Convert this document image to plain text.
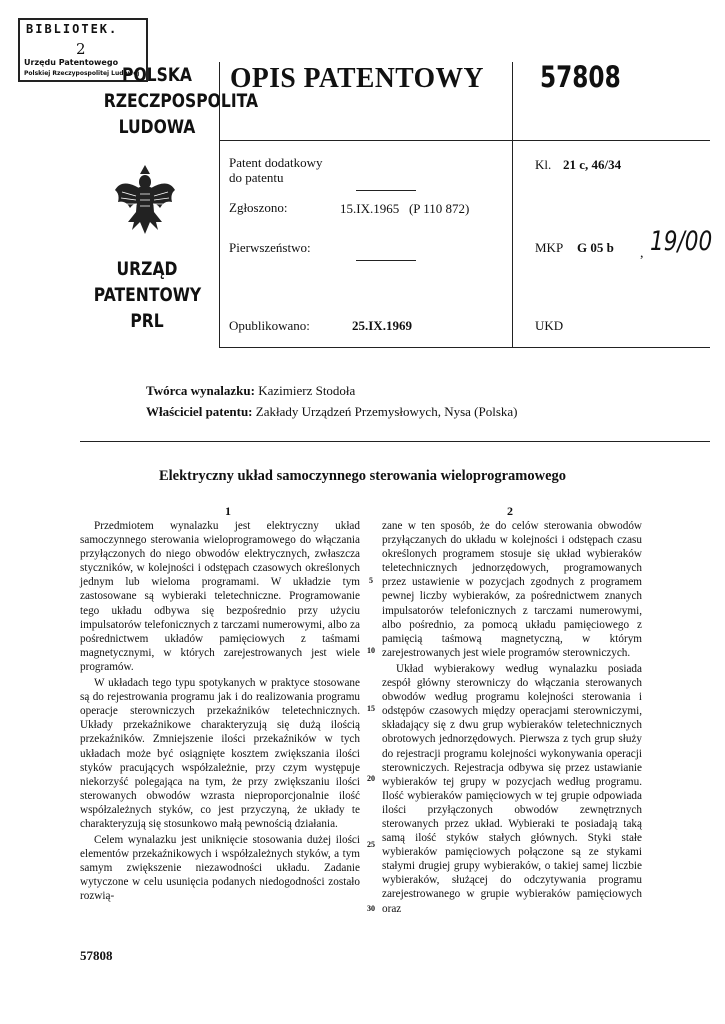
BIBLIOTEK.
2
Urzędu Patentowego
Polskiej Rzeczypospolitej Ludowej
POLSKA
RZECZPOSPOLITA
LUDOWA
URZĄD
PATENTOWY
PRL
OPIS PATENTOWY 57808
Patent dodatkowy
do patentu
Zgłoszono:	15.IX.1965   (P 110 872)
Pierwszeństwo:
Opublikowano:	25.IX.1969
Kl. 21 c, 46/34
MKP G 05 b , 19/00
UKD
Twórca wynalazku: Kazimierz Stodoła
Właściciel patentu: Zakłady Urządzeń Przemysłowych, Nysa (Polska)
Elektryczny układ samoczynnego sterowania wieloprogramowego
1	2

Przedmiotem wynalazku jest elektryczny układ samoczynnego sterowania wieloprogramowego do włączania przyłączonych do niego obwodów elektrycznych, zwłaszcza styczników, w kolejności i odstępach czasowych określonych jednym lub wieloma programami. W układzie tym zastosowane są wybieraki teletechniczne. Programowanie tego układu odbywa się bezpośrednio przy użyciu impulsatorów telefonicznych z tarczami numerowymi, albo za pośrednictwem układów pamięciowych z taśmami magnetycznymi, w których zarejestrowanych jest wiele programów.

W układach tego typu spotykanych w praktyce stosowane są do rejestrowania programu jak i do realizowania programu operacje sterowniczych przekaźników teletechnicznych. Układy przekaźnikowe charakteryzują się dużą ilością przekaźników. Zmniejszenie ilości przekaźników w tych układach może być osiągnięte kosztem zwiększania ilości styków pracujących współzależnie, przy czym występuje niekorzyść polegająca na tym, że przy zwiększaniu ilości sterowanych obwodów wzrasta nieproporcjonalnie ilość współzależnych styków, co jest przyczyną, że układy te charakteryzują się stosunkowo małą pewnością działania.

Celem wynalazku jest uniknięcie stosowania dużej ilości elementów przekaźnikowych i współzależnych styków, a tym samym zwiększenie niezawodności układu. Zadanie wytyczone w celu usunięcia podanych niedogodności zostało rozwią-

5
10
15
20
25
30

zane w ten sposób, że do celów sterowania obwodów przyłączanych do układu w kolejności i odstępach czasu określonych programem stosuje się układ wybieraków teletechnicznych jednorzędowych, programowanych przez ustawienie w pozycjach zgodnych z programem pewnej liczby wybieraków, za pośrednictwem znanych impulsatorów telefonicznych z tarczami numerowymi, albo pośrednio, za pomocą układu pamięciowego z pamięcią taśmową magnetyczną, w którym zarejestrowanych jest wiele programów sterowniczych.

Układ wybierakowy według wynalazku posiada zespół główny sterowniczy do włączania sterowanych obwodów według programu kolejności sterowania i odstępów czasowych między operacjami sterowniczymi, składający się z dwu grup wybieraków teletechnicznych obrotowych jednorzędowych. Pierwsza z tych grup służy do rejestracji programu kolejności wykonywania operacji sterowniczych. Rejestracja odbywa się przez ustawianie wybieraków tej grupy w pozycjach według programu. Ilość wybieraków pamięciowych w tej grupie odpowiada ilości przyłączonych obwodów zewnętrznych sterowanych przez układ. Wybieraki te posiadają taką samą ilość styków stałych głównych. Styki stałe wybieraków pamięciowych połączone są ze stykami stałymi drugiej grupy wybieraków, o takiej samej liczbie wybieraków, służącej do odczytywania programu zarejestrowanego w grupie wybieraków pamięciowych oraz

57808
